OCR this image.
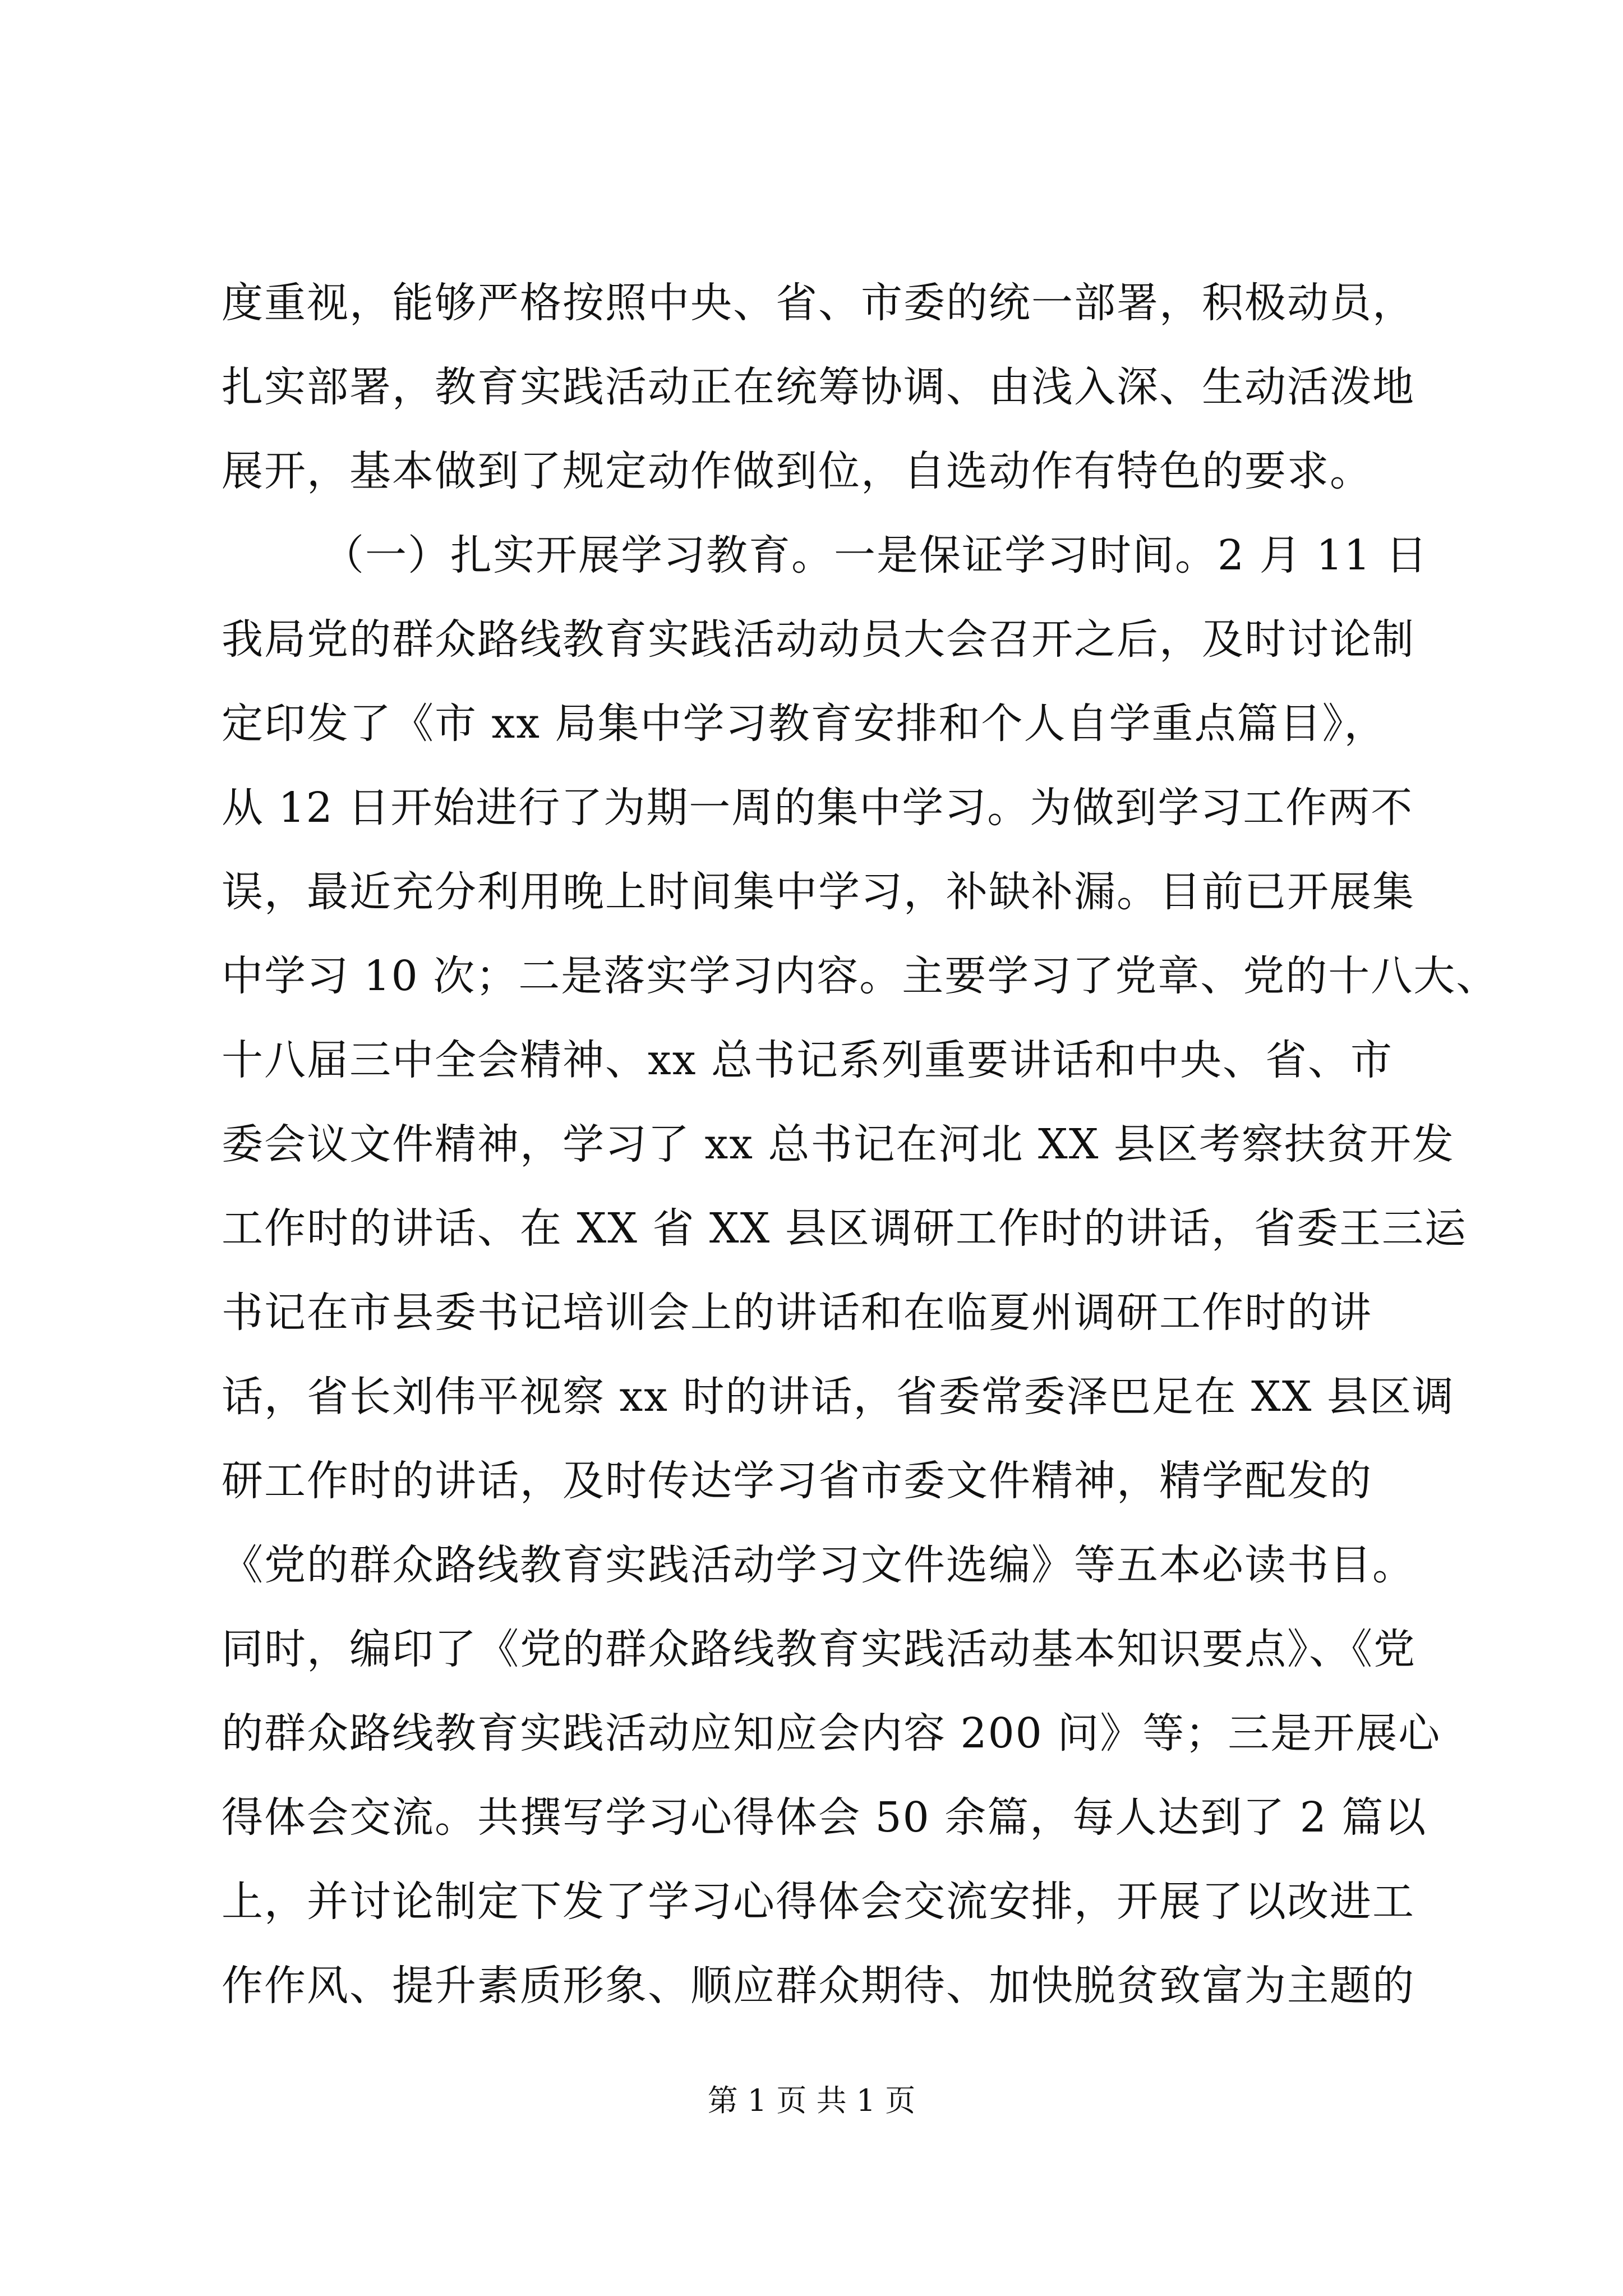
度重视，能够严格按照中央、省、市委的统一部署，积极动员，
扎实部署，教育实践活动正在统筹协调、由浅入深、生动活泼地
展开，基本做到了规定动作做到位，自选动作有特色的要求。
（一）扎实开展学习教育。一是保证学习时间。2 月 11 日
我局党的群众路线教育实践活动动员大会召开之后，及时讨论制
定印发了《市 xx 局集中学习教育安排和个人自学重点篇目》，
从 12 日开始进行了为期一周的集中学习。为做到学习工作两不
误，最近充分利用晚上时间集中学习，补缺补漏。目前已开展集
中学习 10 次；二是落实学习内容。主要学习了党章、党的十八大、
十八届三中全会精神、xx 总书记系列重要讲话和中央、省、市
委会议文件精神，学习了 xx 总书记在河北 XX 县区考察扶贫开发
工作时的讲话、在 XX 省 XX 县区调研工作时的讲话，省委王三运
书记在市县委书记培训会上的讲话和在临夏州调研工作时的讲
话，省长刘伟平视察 xx 时的讲话，省委常委泽巴足在 XX 县区调
研工作时的讲话，及时传达学习省市委文件精神，精学配发的
《党的群众路线教育实践活动学习文件选编》等五本必读书目。
同时，编印了《党的群众路线教育实践活动基本知识要点》、《党
的群众路线教育实践活动应知应会内容 200 问》等；三是开展心
得体会交流。共撰写学习心得体会 50 余篇，每人达到了 2 篇以
上，并讨论制定下发了学习心得体会交流安排，开展了以改进工
作作风、提升素质形象、顺应群众期待、加快脱贫致富为主题的
第 1 页 共 1 页
